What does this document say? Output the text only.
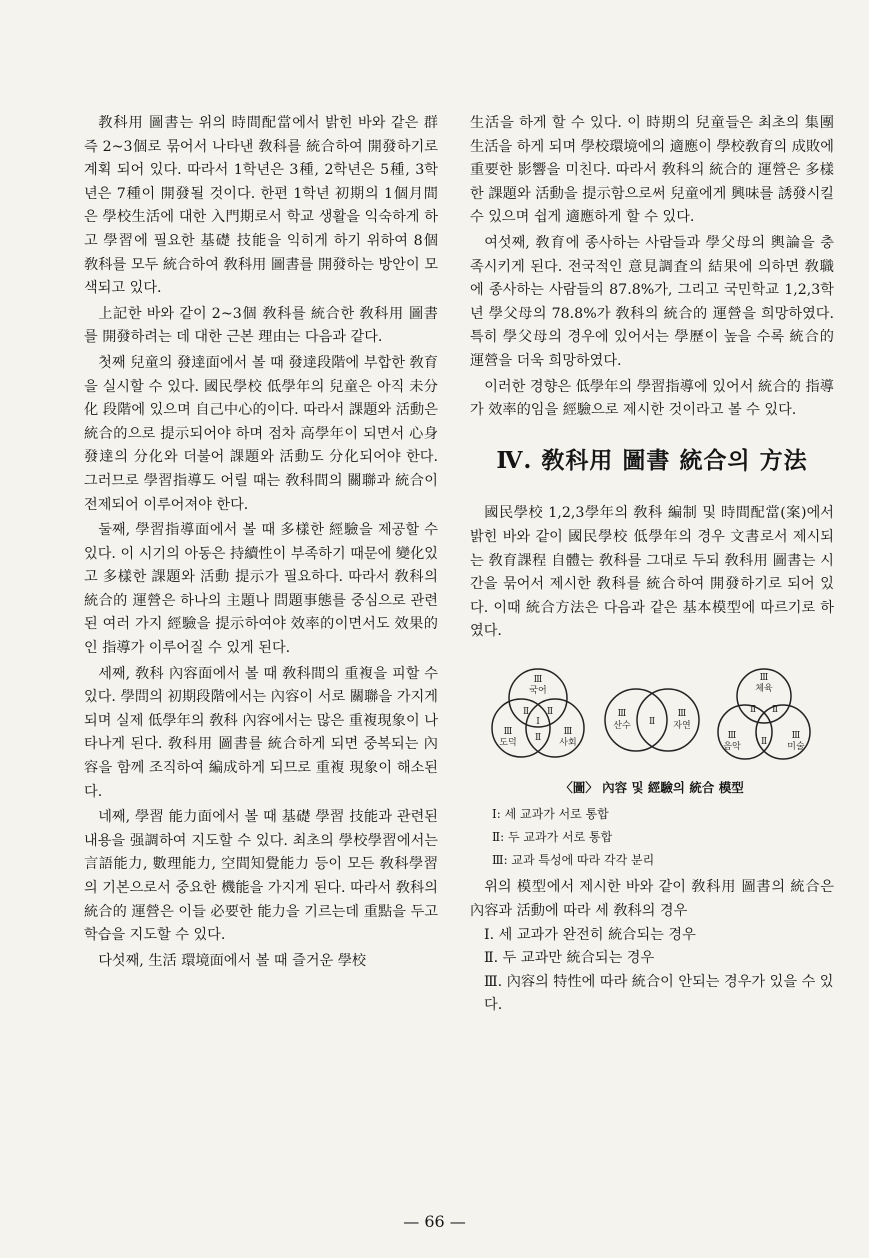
教科用 圖書는 위의 時間配當에서 밝힌 바와 같은 群 즉 2~3個로 묶어서 나타낸 敎科를 統合하여 開發하기로 계획 되어 있다. 따라서 1학년은 3種, 2학년은 5種, 3학년은 7種이 開發될 것이다. 한편 1학년 初期의 1個月間은 學校生活에 대한 入門期로서 학교 생활을 익숙하게 하고 學習에 필요한 基礎 技能을 익히게 하기 위하여 8個 敎科를 모두 統合하여 敎科用 圖書를 開發하는 방안이 모색되고 있다.

上記한 바와 같이 2~3個 敎科를 統合한 敎科用 圖書를 開發하려는 데 대한 근본 理由는 다음과 같다.

첫째 兒童의 發達面에서 볼 때 發達段階에 부합한 敎育을 실시할 수 있다. 國民學校 低學年의 兒童은 아직 未分化 段階에 있으며 自己中心的이다. 따라서 課題와 活動은 統合的으로 提示되어야 하며 점차 高學年이 되면서 心身發達의 分化와 더불어 課題와 活動도 分化되어야 한다. 그러므로 學習指導도 어릴 때는 敎科間의 關聯과 統合이 전제되어 이루어져야 한다.

둘째, 學習指導面에서 볼 때 多樣한 經驗을 제공할 수 있다. 이 시기의 아동은 持續性이 부족하기 때문에 變化있고 多樣한 課題와 活動 提示가 필요하다. 따라서 敎科의 統合的 運營은 하나의 主題나 問題事態를 중심으로 관련된 여러 가지 經驗을 提示하여야 效率的이면서도 效果的인 指導가 이루어질 수 있게 된다.

세째, 敎科 內容面에서 볼 때 敎科間의 重複을 피할 수 있다. 學問의 初期段階에서는 內容이 서로 關聯을 가지게 되며 실제 低學年의 敎科 內容에서는 많은 重複現象이 나타나게 된다. 敎科用 圖書를 統合하게 되면 중복되는 內容을 함께 조직하여 編成하게 되므로 重複 現象이 해소된다.

네째, 學習 能力面에서 볼 때 基礎 學習 技能과 관련된 내용을 强調하여 지도할 수 있다. 최초의 學校學習에서는 言語能力, 數理能力, 空間知覺能力 등이 모든 敎科學習의 기본으로서 중요한 機能을 가지게 된다. 따라서 敎科의 統合的 運營은 이들 必要한 能力을 기르는데 重點을 두고 학습을 지도할 수 있다.

다섯째, 生活 環境面에서 볼 때 즐거운 學校

生活을 하게 할 수 있다. 이 時期의 兒童들은 최초의 集團生活을 하게 되며 學校環境에의 適應이 學校敎育의 成敗에 重要한 影響을 미친다. 따라서 敎科의 統合的 運營은 多樣한 課題와 活動을 提示함으로써 兒童에게 興味를 誘發시킬 수 있으며 쉽게 適應하게 할 수 있다.

여섯째, 敎育에 종사하는 사람들과 學父母의 輿論을 충족시키게 된다. 전국적인 意見調査의 結果에 의하면 敎職에 종사하는 사람들의 87.8%가, 그리고 국민학교 1,2,3학년 學父母의 78.8%가 敎科의 統合的 運營을 희망하였다. 특히 學父母의 경우에 있어서는 學歷이 높을 수록 統合的 運營을 더욱 희망하였다.

이러한 경향은 低學年의 學習指導에 있어서 統合的 指導가 效率的임을 經驗으로 제시한 것이라고 볼 수 있다.

Ⅳ. 敎科用 圖書 統合의 方法

國民學校 1,2,3學年의 敎科 編制 및 時間配當(案)에서 밝힌 바와 같이 國民學校 低學年의 경우 文書로서 제시되는 敎育課程 自體는 敎科를 그대로 두되 敎科用 圖書는 시간을 묶어서 제시한 敎科를 統合하여 開發하기로 되어 있다. 이때 統合方法은 다음과 같은 基本模型에 따르기로 하였다.

Ⅲ
국어
Ⅲ
도덕
Ⅲ
사회
Ⅱ Ⅱ
Ⅱ
Ⅰ
Ⅲ
산수 Ⅱ
Ⅲ
자연
Ⅲ
체육
Ⅲ
음악
Ⅲ
미술
Ⅱ Ⅱ
Ⅱ
〈圖〉 內容 및 經驗의 統合 模型
Ⅰ: 세 교과가 서로 통합
Ⅱ: 두 교과가 서로 통합
Ⅲ: 교과 특성에 따라 각각 분리

위의 模型에서 제시한 바와 같이 敎科用 圖書의 統合은 內容과 活動에 따라 세 敎科의 경우

Ⅰ. 세 교과가 완전히 統合되는 경우
Ⅱ. 두 교과만 統合되는 경우
Ⅲ. 內容의 特性에 따라 統合이 안되는 경우가 있을 수 있다.
— 66 —
